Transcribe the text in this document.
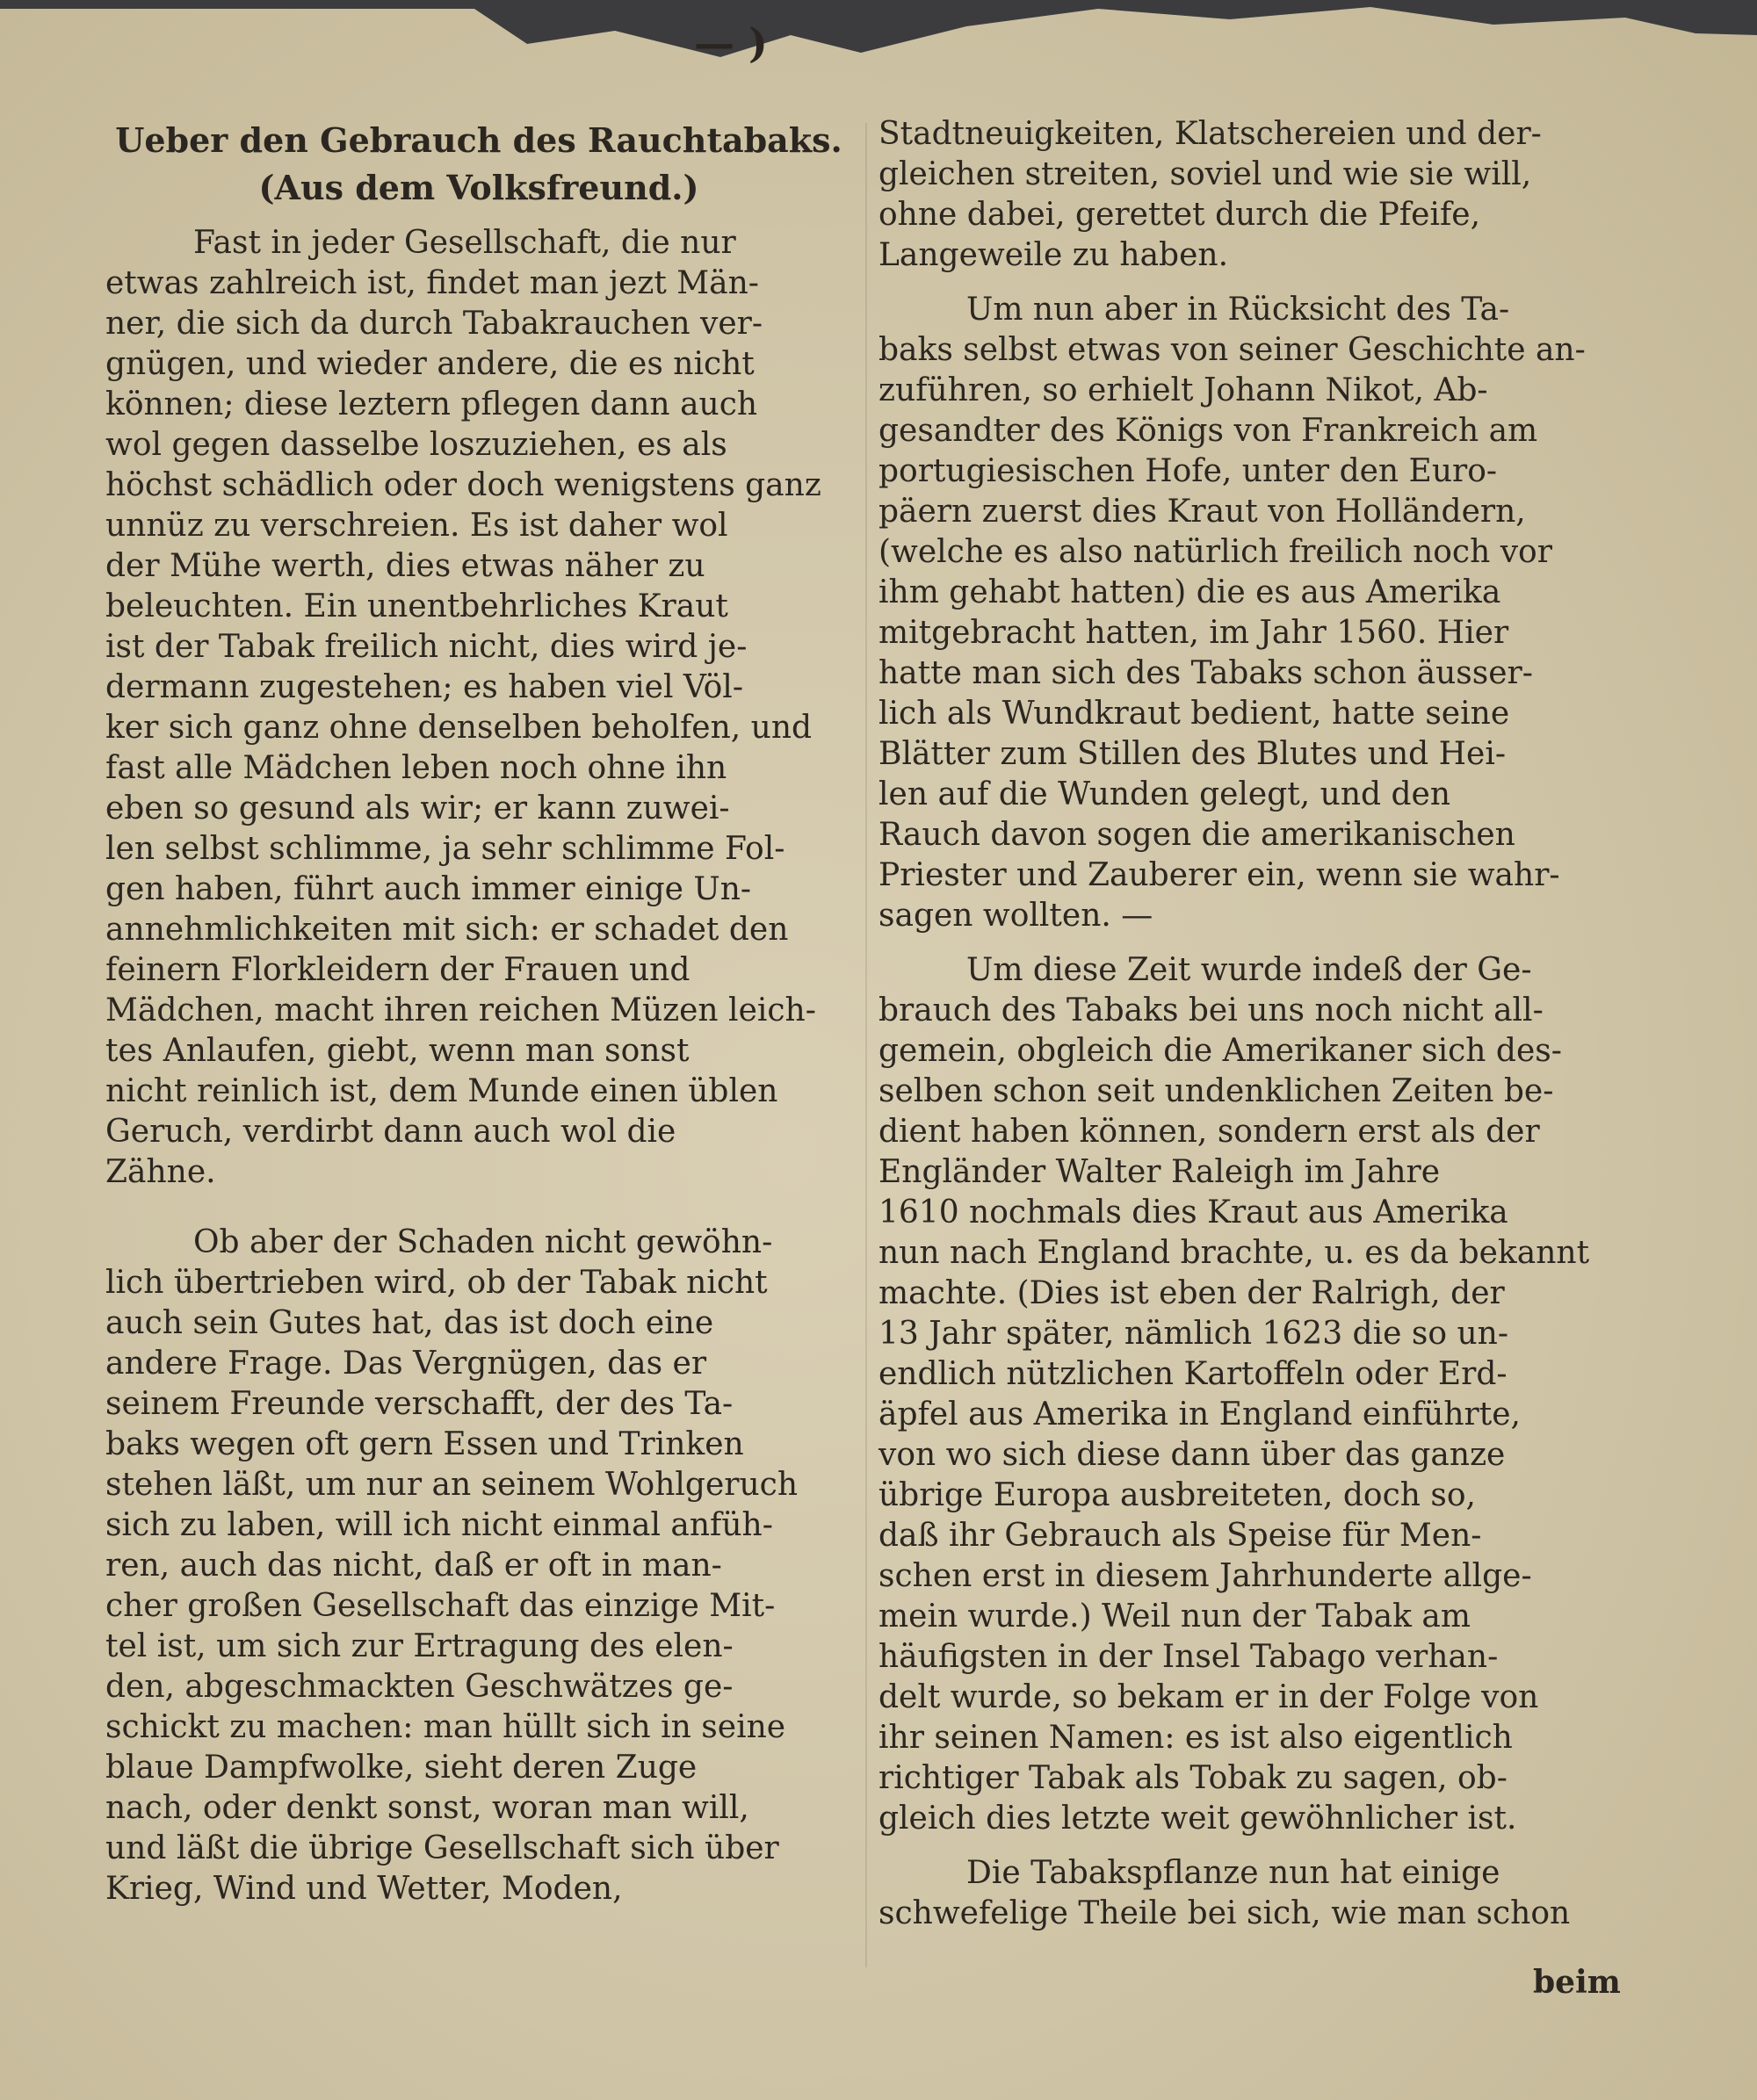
— )
Ueber den Gebrauch des Rauchtabaks.
(Aus dem Volksfreund.)
Fast in jeder Gesellschaft, die nur
etwas zahlreich ist, findet man jezt Män-
ner, die sich da durch Tabakrauchen ver-
gnügen, und wieder andere, die es nicht
können; diese leztern pflegen dann auch
wol gegen dasselbe loszuziehen, es als
höchst schädlich oder doch wenigstens ganz
unnüz zu verschreien. Es ist daher wol
der Mühe werth, dies etwas näher zu
beleuchten. Ein unentbehrliches Kraut
ist der Tabak freilich nicht, dies wird je-
dermann zugestehen; es haben viel Völ-
ker sich ganz ohne denselben beholfen, und
fast alle Mädchen leben noch ohne ihn
eben so gesund als wir; er kann zuwei-
len selbst schlimme, ja sehr schlimme Fol-
gen haben, führt auch immer einige Un-
annehmlichkeiten mit sich: er schadet den
feinern Florkleidern der Frauen und
Mädchen, macht ihren reichen Müzen leich-
tes Anlaufen, giebt, wenn man sonst
nicht reinlich ist, dem Munde einen üblen
Geruch, verdirbt dann auch wol die
Zähne.
Ob aber der Schaden nicht gewöhn-
lich übertrieben wird, ob der Tabak nicht
auch sein Gutes hat, das ist doch eine
andere Frage. Das Vergnügen, das er
seinem Freunde verschafft, der des Ta-
baks wegen oft gern Essen und Trinken
stehen läßt, um nur an seinem Wohlgeruch
sich zu laben, will ich nicht einmal anfüh-
ren, auch das nicht, daß er oft in man-
cher großen Gesellschaft das einzige Mit-
tel ist, um sich zur Ertragung des elen-
den, abgeschmackten Geschwätzes ge-
schickt zu machen: man hüllt sich in seine
blaue Dampfwolke, sieht deren Zuge
nach, oder denkt sonst, woran man will,
und läßt die übrige Gesellschaft sich über
Krieg, Wind und Wetter, Moden,
Stadtneuigkeiten, Klatschereien und der-
gleichen streiten, soviel und wie sie will,
ohne dabei, gerettet durch die Pfeife,
Langeweile zu haben.
Um nun aber in Rücksicht des Ta-
baks selbst etwas von seiner Geschichte an-
zuführen, so erhielt Johann Nikot, Ab-
gesandter des Königs von Frankreich am
portugiesischen Hofe, unter den Euro-
päern zuerst dies Kraut von Holländern,
(welche es also natürlich freilich noch vor
ihm gehabt hatten) die es aus Amerika
mitgebracht hatten, im Jahr 1560. Hier
hatte man sich des Tabaks schon äusser-
lich als Wundkraut bedient, hatte seine
Blätter zum Stillen des Blutes und Hei-
len auf die Wunden gelegt, und den
Rauch davon sogen die amerikanischen
Priester und Zauberer ein, wenn sie wahr-
sagen wollten. —
Um diese Zeit wurde indeß der Ge-
brauch des Tabaks bei uns noch nicht all-
gemein, obgleich die Amerikaner sich des-
selben schon seit undenklichen Zeiten be-
dient haben können, sondern erst als der
Engländer Walter Raleigh im Jahre
1610 nochmals dies Kraut aus Amerika
nun nach England brachte, u. es da bekannt
machte. (Dies ist eben der Ralrigh, der
13 Jahr später, nämlich 1623 die so un-
endlich nützlichen Kartoffeln oder Erd-
äpfel aus Amerika in England einführte,
von wo sich diese dann über das ganze
übrige Europa ausbreiteten, doch so,
daß ihr Gebrauch als Speise für Men-
schen erst in diesem Jahrhunderte allge-
mein wurde.) Weil nun der Tabak am
häufigsten in der Insel Tabago verhan-
delt wurde, so bekam er in der Folge von
ihr seinen Namen: es ist also eigentlich
richtiger Tabak als Tobak zu sagen, ob-
gleich dies letzte weit gewöhnlicher ist.
Die Tabakspflanze nun hat einige
schwefelige Theile bei sich, wie man schon
beim
